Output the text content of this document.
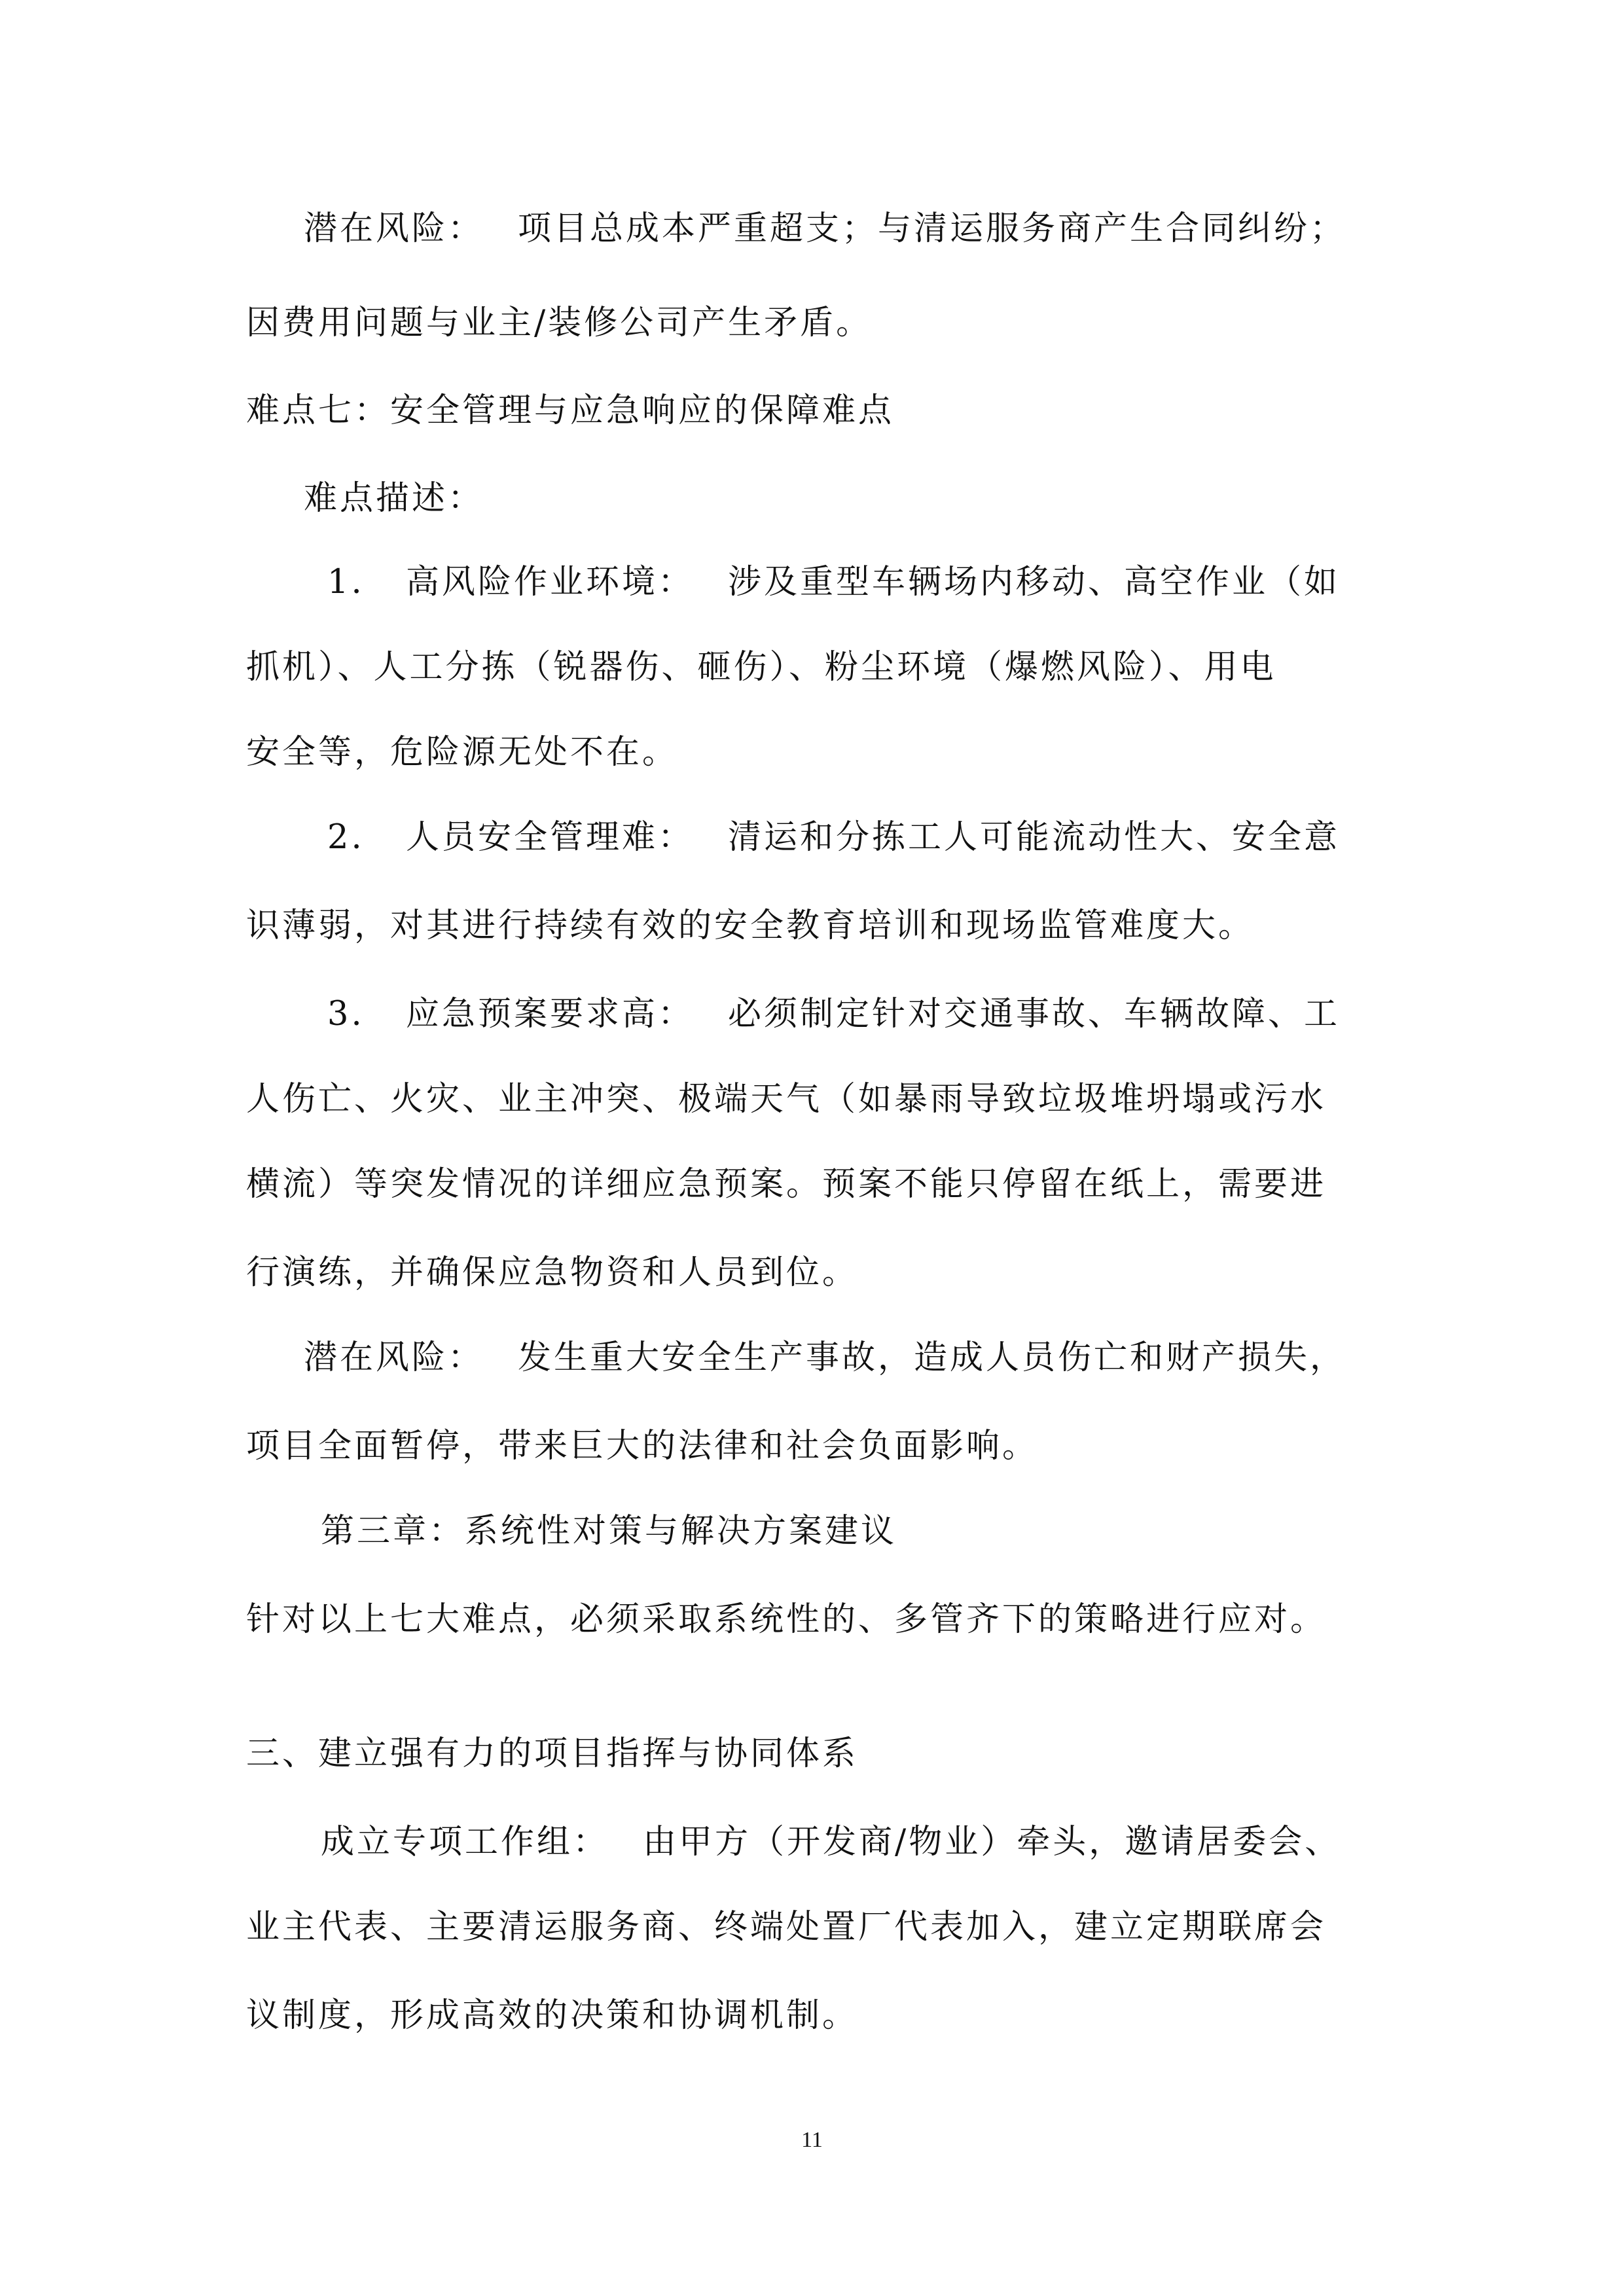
潜在风险： 项目总成本严重超支；与清运服务商产生合同纠纷；
因费用问题与业主/装修公司产生矛盾。
难点七：安全管理与应急响应的保障难点
难点描述：
1. 高风险作业环境： 涉及重型车辆场内移动、高空作业（如
抓机）、人工分拣（锐器伤、砸伤）、粉尘环境（爆燃风险）、用电
安全等，危险源无处不在。
2. 人员安全管理难： 清运和分拣工人可能流动性大、安全意
识薄弱，对其进行持续有效的安全教育培训和现场监管难度大。
3. 应急预案要求高： 必须制定针对交通事故、车辆故障、工
人伤亡、火灾、业主冲突、极端天气（如暴雨导致垃圾堆坍塌或污水
横流）等突发情况的详细应急预案。预案不能只停留在纸上，需要进
行演练，并确保应急物资和人员到位。
潜在风险： 发生重大安全生产事故，造成人员伤亡和财产损失，
项目全面暂停，带来巨大的法律和社会负面影响。
第三章：系统性对策与解决方案建议
针对以上七大难点，必须采取系统性的、多管齐下的策略进行应对。
三、建立强有力的项目指挥与协同体系
成立专项工作组： 由甲方（开发商/物业）牵头，邀请居委会、
业主代表、主要清运服务商、终端处置厂代表加入，建立定期联席会
议制度，形成高效的决策和协调机制。
11
